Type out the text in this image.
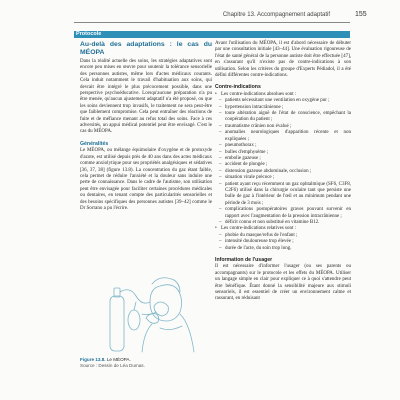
Chapitre 13. Accompagnement adaptatif	155
Protocole
Au-delà des adaptations : le cas du MÉOPA

Dans la réalité actuelle des soins, les stratégies adaptatives sont encore peu mises en œuvre pour soutenir la tolérance sensorielle des personnes autistes, même lors d'actes médicaux courants. Cela induit notamment le travail d'habituation aux soins, qui devrait être intégré le plus précocement possible, dans une perspective psychoéducative. Lorsqu'aucune préparation n'a pu être menée, qu'aucun ajustement adaptatif n'a été proposé, ou que les soins deviennent trop invasifs, le traitement ne sera peut-être que faiblement compromise. Cela peut entraîner des réactions de fuite et de méfiance menant au refus total des soins. Face à ces adversités, un appui médical potentiel peut être envisagé. C'est le cas du MÉOPA.

Généralités

Le MÉOPA, ou mélange équimolaire d'oxygène et de protoxyde d'azote, est utilisé depuis près de 40 ans dans des actes médicaux comme anxiolytique pour ses propriétés analgésiques et sédatives [36, 37, 38] (figure 13.8). La concentration du gaz étant faible, cela permet de réduire l'anxiété et la douleur sans induire une perte de connaissance. Dans le cadre de l'autisme, son utilisation peut être envisagée pour faciliter certaines procédures médicales ou dentaires, en tenant compte des particularités sensorielles et des besoins spécifiques des personnes autistes [39–42] comme le Dr Sorrano a pu l'écrire.

Avant l'utilisation du MÉOPA, il est d'abord nécessaire de débuter par une consultation initiale [43–44]. Une évaluation rigoureuse de l'état de santé général de la personne autiste doit être effectuée [47], en s'assurant qu'il n'existe pas de contre-indications à son utilisation. Selon les critères du groupe d'Experts Pédiadol, il a été défini différentes contre-indications.

Contre-indications

• Les contre-indications absolues sont :

– patients nécessitant une ventilation en oxygène pur ;

– hypertension intracrânienne ;

– toute altération aiguë de l'état de conscience, empêchant la coopération du patient ;

– traumatisme crânien non évalué ;

– anomalies neurologiques d'apparition récente et non expliquées ;

– pneumothorax ;

– bulles d'emphysème ;

– embolie gazeuse ;

– accident de plongée ;

– distension gazeuse abdominale, occlusion ;

– situation virale précoce ;

– patient ayant reçu récemment un gaz ophtalmique (SF6, C3F8, C2F6) utilisé dans la chirurgie oculaire tant que persiste une bulle de gaz à l'intérieur de l'œil et au minimum pendant une période de 3 mois ;

– complications postopératoires graves pouvant survenir en rapport avec l'augmentation de la pression intracrânienne ;

– déficit connu et non substitué en vitamine B12.

• Les contre-indications relatives sont :

– phobie du masque/refus de l'enfant ;

– intensité douloureuse trop élevée ;

– durée de l'acte, du soin trop long.

Information de l'usager

Il est nécessaire d'informer l'usager (ou ses parents ou accompagnants) sur le protocole et les effets du MÉOPA. Utiliser un langage simple en clair pour expliquer ce à quoi s'attendre peut être bénéfique. Étant donné la sensibilité majeure aux stimuli sensoriels, il est essentiel de créer un environnement calme et rassurant, en réduisant

Figure 13.8. Le MÉOPA.
Source : Dessin de Léa Dumas.
